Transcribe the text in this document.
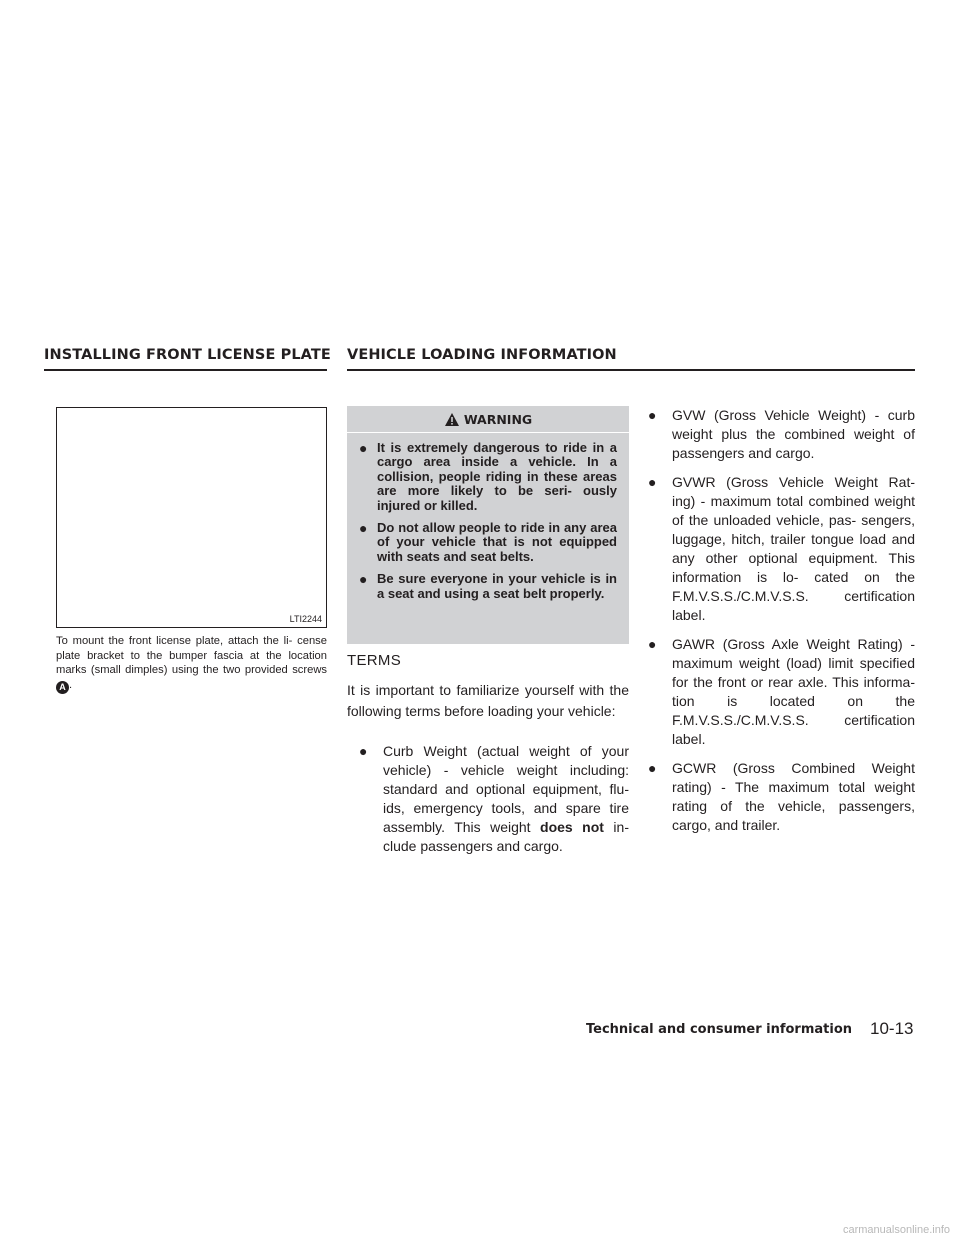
INSTALLING FRONT LICENSE PLATE VEHICLE LOADING INFORMATION
LTI2244
To mount the front license plate, attach the li- cense plate bracket to the bumper fascia at the location marks (small dimples) using the two provided screwsA .
WARNING
● It is extremely dangerous to ride in a cargo area inside a vehicle. In a collision, people riding in these areas are more likely to be seri- ously injured or killed.
● Do not allow people to ride in any area of your vehicle that is not equipped with seats and seat belts.
● Be sure everyone in your vehicle is in a seat and using a seat belt properly.
TERMS
It is important to familiarize yourself with the following terms before loading your vehicle:
●	Curb Weight (actual weight of your vehicle) - vehicle weight including: standard and optional equipment, flu- ids, emergency tools, and spare tire assembly. This weight does not in- clude passengers and cargo.
●	GVW (Gross Vehicle Weight) - curb weight plus the combined weight of passengers and cargo.
●	GVWR (Gross Vehicle Weight Rat- ing) - maximum total combined weight of the unloaded vehicle, pas- sengers, luggage, hitch, trailer tongue load and any other optional equipment. This information is lo- cated on the F.M.V.S.S./C.M.V.S.S. certification label.
●	GAWR (Gross Axle Weight Rating) - maximum weight (load) limit specified for the front or rear axle. This informa- tion is located on the F.M.V.S.S./C.M.V.S.S. certification label.
●	GCWR (Gross Combined Weight rating) - The maximum total weight rating of the vehicle, passengers, cargo, and trailer.
Technical and consumer information 10-13
carmanualsonline.info
